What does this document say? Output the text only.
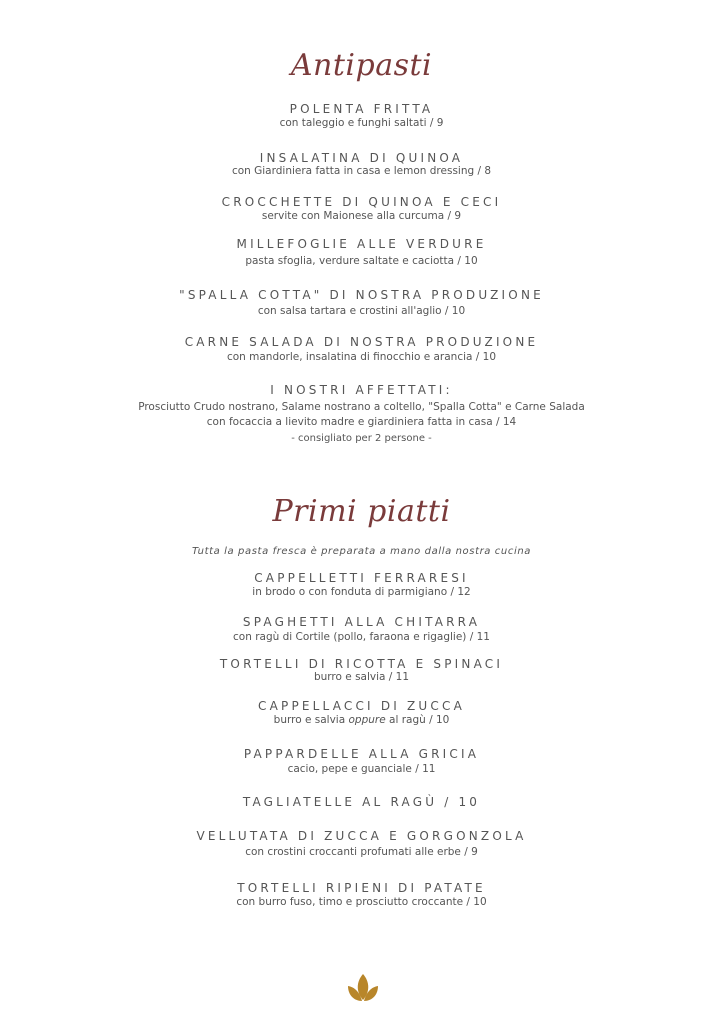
Antipasti
POLENTA FRITTA
con taleggio e funghi saltati / 9
INSALATINA DI QUINOA
con Giardiniera fatta in casa e lemon dressing / 8
CROCCHETTE DI QUINOA E CECI
servite con Maionese alla curcuma / 9
MILLEFOGLIE ALLE VERDURE
pasta sfoglia, verdure saltate e caciotta / 10
"SPALLA COTTA" DI NOSTRA PRODUZIONE
con salsa tartara e crostini all'aglio / 10
CARNE SALADA DI NOSTRA PRODUZIONE
con mandorle, insalatina di finocchio e arancia / 10
I NOSTRI AFFETTATI:
Prosciutto Crudo nostrano, Salame nostrano a coltello, "Spalla Cotta" e Carne Salada
con focaccia a lievito madre e giardiniera fatta in casa / 14
- consigliato per 2 persone -
Primi piatti
Tutta la pasta fresca è preparata a mano dalla nostra cucina
CAPPELLETTI FERRARESI
in brodo o con fonduta di parmigiano / 12
SPAGHETTI ALLA CHITARRA
con ragù di Cortile (pollo, faraona e rigaglie) / 11
TORTELLI DI RICOTTA E SPINACI
burro e salvia / 11
CAPPELLACCI DI ZUCCA
burro e salvia oppure al ragù / 10
PAPPARDELLE ALLA GRICIA
cacio, pepe e guanciale / 11
TAGLIATELLE AL RAGÙ / 10
VELLUTATA DI ZUCCA E GORGONZOLA
con crostini croccanti profumati alle erbe / 9
TORTELLI RIPIENI DI PATATE
con burro fuso, timo e prosciutto croccante / 10
